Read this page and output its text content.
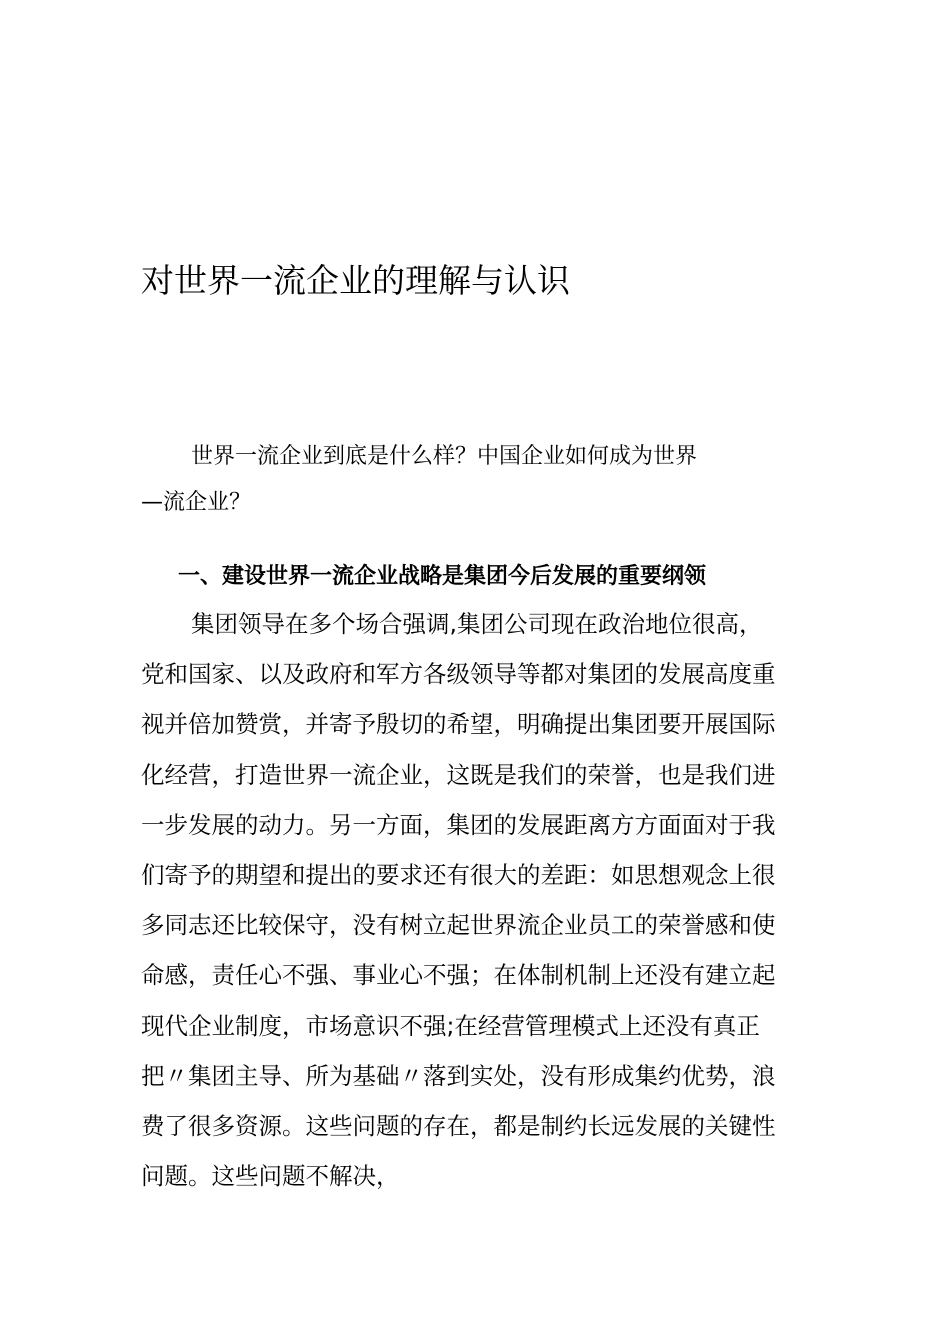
对世界一流企业的理解与认识
世界一流企业到底是什么样？中国企业如何成为世界
—流企业？
一、建设世界一流企业战略是集团今后发展的重要纲领
集团领导在多个场合强调,集团公司现在政治地位很高，
党和国家、以及政府和军方各级领导等都对集团的发展高度重
视并倍加赞赏，并寄予殷切的希望，明确提出集团要开展国际
化经营，打造世界一流企业，这既是我们的荣誉，也是我们进
一步发展的动力。另一方面，集团的发展距离方方面面对于我
们寄予的期望和提出的要求还有很大的差距：如思想观念上很
多同志还比较保守，没有树立起世界流企业员工的荣誉感和使
命感，责任心不强、事业心不强；在体制机制上还没有建立起
现代企业制度，市场意识不强;在经营管理模式上还没有真正
把〃集团主导、所为基础〃落到实处，没有形成集约优势，浪
费了很多资源。这些问题的存在，都是制约长远发展的关键性
问题。这些问题不解决，
